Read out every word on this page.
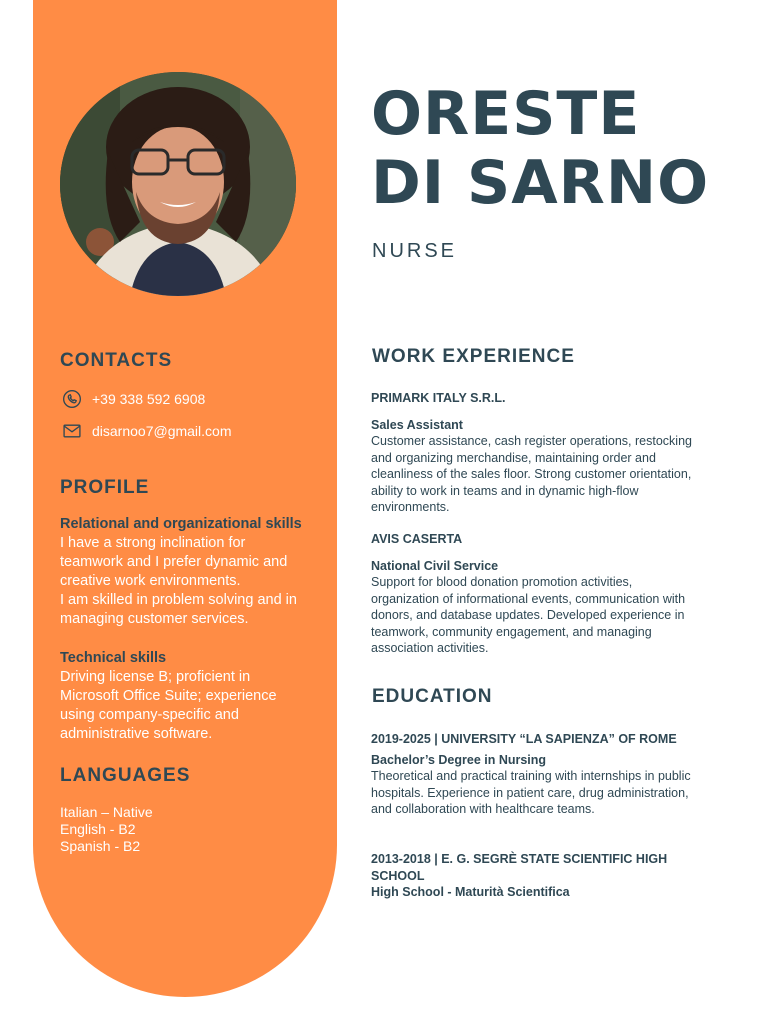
ORESTE
DI SARNO
NURSE
CONTACTS
+39 338 592 6908
disarnoo7@gmail.com
PROFILE
Relational and organizational skills
I have a strong inclination for teamwork and I prefer dynamic and creative work environments.
I am skilled in problem solving and in managing customer services.
Technical skills
Driving license B; proficient in Microsoft Office Suite; experience using company-specific and administrative software.
LANGUAGES
Italian – Native
English - B2
Spanish - B2
WORK EXPERIENCE
PRIMARK ITALY S.R.L.
Sales Assistant
Customer assistance, cash register operations, restocking and organizing merchandise, maintaining order and cleanliness of the sales floor. Strong customer orientation, ability to work in teams and in dynamic high-flow environments.
AVIS CASERTA
National Civil Service
Support for blood donation promotion activities, organization of informational events, communication with donors, and database updates. Developed experience in teamwork, community engagement, and managing association activities.
EDUCATION
2019-2025 | UNIVERSITY “LA SAPIENZA” OF ROME
Bachelor’s Degree in Nursing
Theoretical and practical training with internships in public hospitals. Experience in patient care, drug administration, and collaboration with healthcare teams.
2013-2018 | E. G. SEGRÈ STATE SCIENTIFIC HIGH SCHOOL
High School - Maturità Scientifica
